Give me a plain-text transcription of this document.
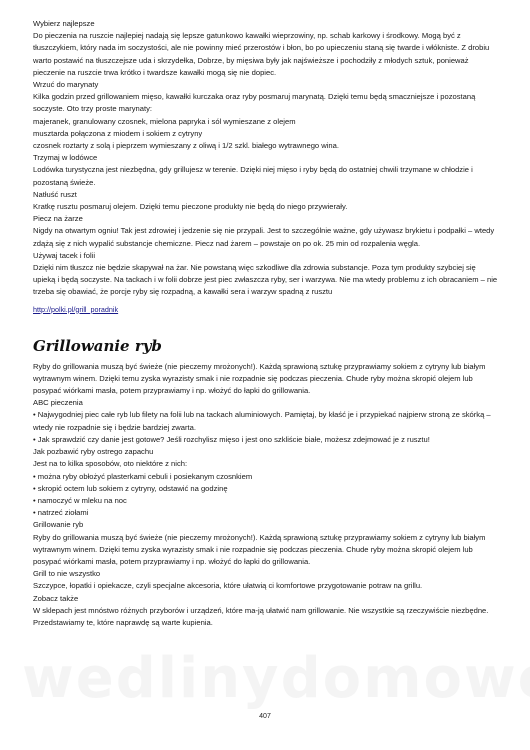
Wybierz najlepsze

Do pieczenia na ruszcie najlepiej nadają się lepsze gatunkowo kawałki wieprzowiny, np. schab karkowy i środkowy. Mogą być z tłuszczykiem, który nada im soczystości, ale nie powinny mieć przerostów i błon, bo po upieczeniu staną się twarde i włókniste. Z drobiu warto postawić na tłuszczejsze uda i skrzydełka, Dobrze, by mięsiwa były jak najświeższe i pochodziły z młodych sztuk, ponieważ pieczenie na ruszcie trwa krótko i twardsze kawałki mogą się nie dopiec.

Wrzuć do marynaty

Kilka godzin przed grillowaniem mięso, kawałki kurczaka oraz ryby posmaruj marynatą. Dzięki temu będą smaczniejsze i pozostaną soczyste. Oto trzy proste marynaty:

majeranek, granulowany czosnek, mielona papryka i sól wymieszane z olejem

musztarda połączona z miodem i sokiem z cytryny

czosnek roztarty z solą i pieprzem wymieszany z oliwą i 1/2 szkl. białego wytrawnego wina.

Trzymaj w lodówce

Lodówka turystyczna jest niezbędna, gdy grillujesz w terenie. Dzięki niej mięso i ryby będą do ostatniej chwili trzymane w chłodzie i pozostaną świeże.

Natłuść ruszt

Kratkę rusztu posmaruj olejem. Dzięki temu pieczone produkty nie będą do niego przywierały.

Piecz na żarze

Nigdy na otwartym ogniu! Tak jest zdrowiej i jedzenie się nie przypali. Jest to szczególnie ważne, gdy używasz brykietu i podpałki – wtedy zdążą się z nich wypalić substancje chemiczne. Piecz nad żarem – powstaje on po ok. 25 min od rozpalenia węgla.

Używaj tacek i folii

Dzięki nim tłuszcz nie będzie skapywał na żar. Nie powstaną więc szkodliwe dla zdrowia substancje. Poza tym produkty szybciej się upieką i będą soczyste. Na tackach i w folii dobrze jest piec zwłaszcza ryby, ser i warzywa. Nie ma wtedy problemu z ich obracaniem – nie trzeba się obawiać, że porcje ryby się rozpadną, a kawałki sera i warzyw spadną z rusztu

http://polki.pl/grill_poradnik
Grillowanie ryb

Ryby do grillowania muszą być świeże (nie pieczemy mrożonych!). Każdą sprawioną sztukę przyprawiamy sokiem z cytryny lub białym wytrawnym winem. Dzięki temu zyska wyrazisty smak i nie rozpadnie się podczas pieczenia. Chude ryby można skropić olejem lub posypać wiórkami masła, potem przyprawiamy i np. włożyć do łapki do grillowania.

ABC pieczenia

• Najwygodniej piec całe ryb lub filety na folii lub na tackach aluminiowych. Pamiętaj, by kłaść je i przypiekać najpierw stroną ze skórką – wtedy nie rozpadnie się i będzie bardziej zwarta.

• Jak sprawdzić czy danie jest gotowe? Jeśli rozchylisz mięso i jest ono szkliście białe, możesz zdejmować je z rusztu!

Jak pozbawić ryby ostrego zapachu

Jest na to kilka sposobów, oto niektóre z nich:

• można ryby obłożyć plasterkami cebuli i posiekanym czosnkiem

• skropić octem lub sokiem z cytryny, odstawić na godzinę

• namoczyć w mleku na noc

• natrzeć ziołami

Grillowanie ryb

Ryby do grillowania muszą być świeże (nie pieczemy mrożonych!). Każdą sprawioną sztukę przyprawiamy sokiem z cytryny lub białym wytrawnym winem. Dzięki temu zyska wyrazisty smak i nie rozpadnie się podczas pieczenia. Chude ryby można skropić olejem lub posypać wiórkami masła, potem przyprawiamy i np. włożyć do łapki do grillowania.

Grill to nie wszystko

Szczypce, łopatki i opiekacze, czyli specjalne akcesoria, które ułatwią ci komfortowe przygotowanie potraw na grillu.

Zobacz także

W sklepach jest mnóstwo różnych przyborów i urządzeń, które ma-ją ułatwić nam grillowanie. Nie wszystkie są rzeczywiście niezbędne. Przedstawiamy te, które naprawdę są warte kupienia.

407
